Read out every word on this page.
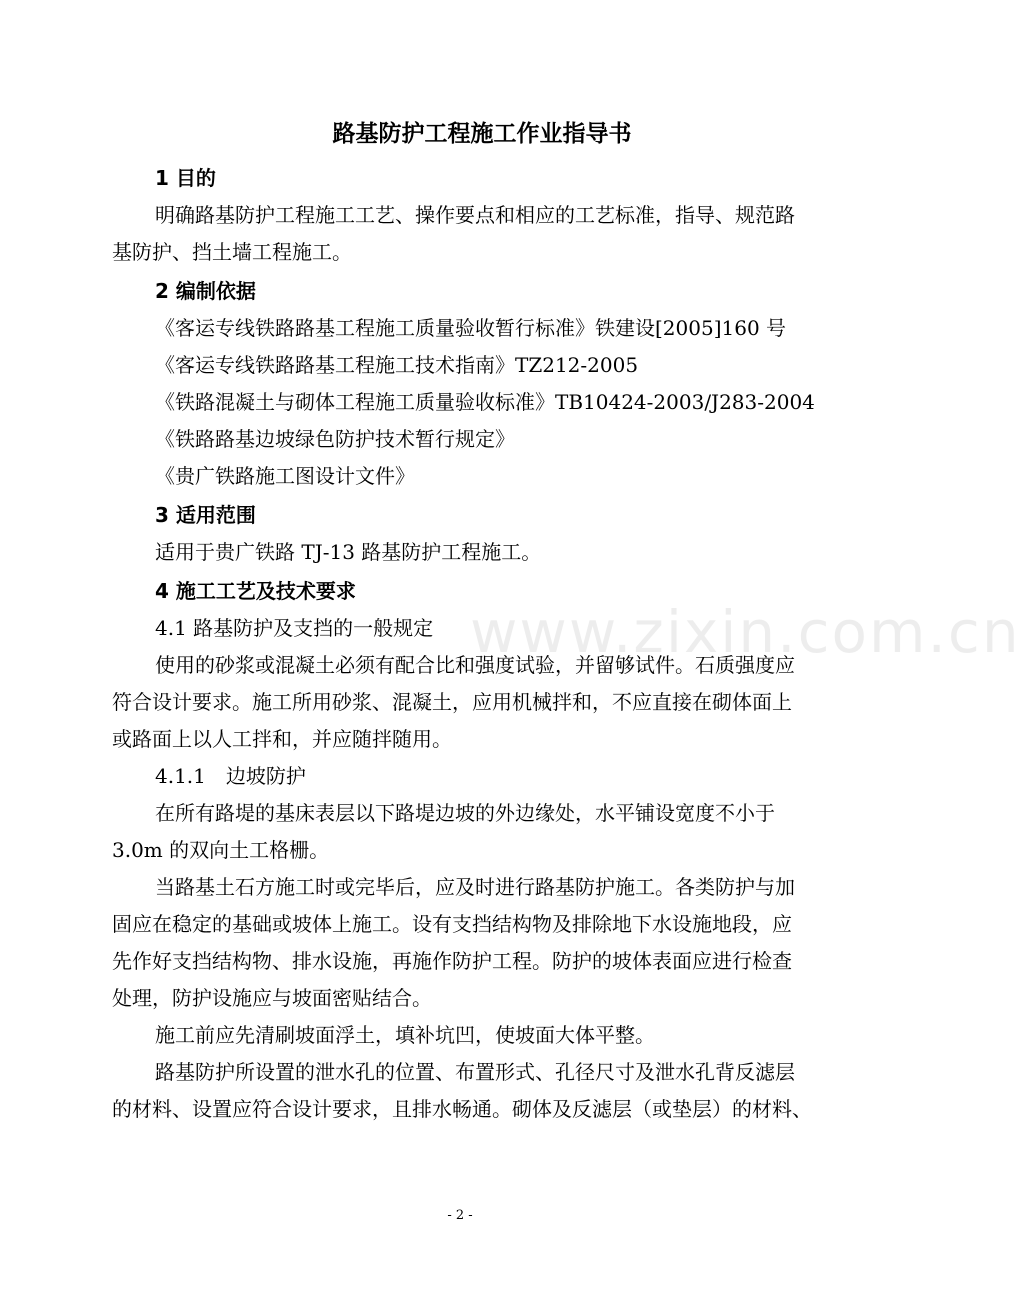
www.zixin.com.cn
路基防护工程施工作业指导书
1 目的
明确路基防护工程施工工艺、操作要点和相应的工艺标准，指导、规范路
基防护、挡土墙工程施工。
2 编制依据
《客运专线铁路路基工程施工质量验收暂行标准》铁建设[2005]160 号
《客运专线铁路路基工程施工技术指南》TZ212-2005
《铁路混凝土与砌体工程施工质量验收标准》TB10424-2003/J283-2004
《铁路路基边坡绿色防护技术暂行规定》
《贵广铁路施工图设计文件》
3 适用范围
适用于贵广铁路 TJ-13 路基防护工程施工。
4 施工工艺及技术要求
4.1 路基防护及支挡的一般规定
使用的砂浆或混凝土必须有配合比和强度试验，并留够试件。石质强度应
符合设计要求。施工所用砂浆、混凝土，应用机械拌和，不应直接在砌体面上
或路面上以人工拌和，并应随拌随用。
4.1.1　边坡防护
在所有路堤的基床表层以下路堤边坡的外边缘处，水平铺设宽度不小于
3.0m 的双向土工格栅。
当路基土石方施工时或完毕后，应及时进行路基防护施工。各类防护与加
固应在稳定的基础或坡体上施工。设有支挡结构物及排除地下水设施地段，应
先作好支挡结构物、排水设施，再施作防护工程。防护的坡体表面应进行检查
处理，防护设施应与坡面密贴结合。
施工前应先清刷坡面浮土，填补坑凹，使坡面大体平整。
路基防护所设置的泄水孔的位置、布置形式、孔径尺寸及泄水孔背反滤层
的材料、设置应符合设计要求，且排水畅通。砌体及反滤层（或垫层）的材料、
- 2 -
